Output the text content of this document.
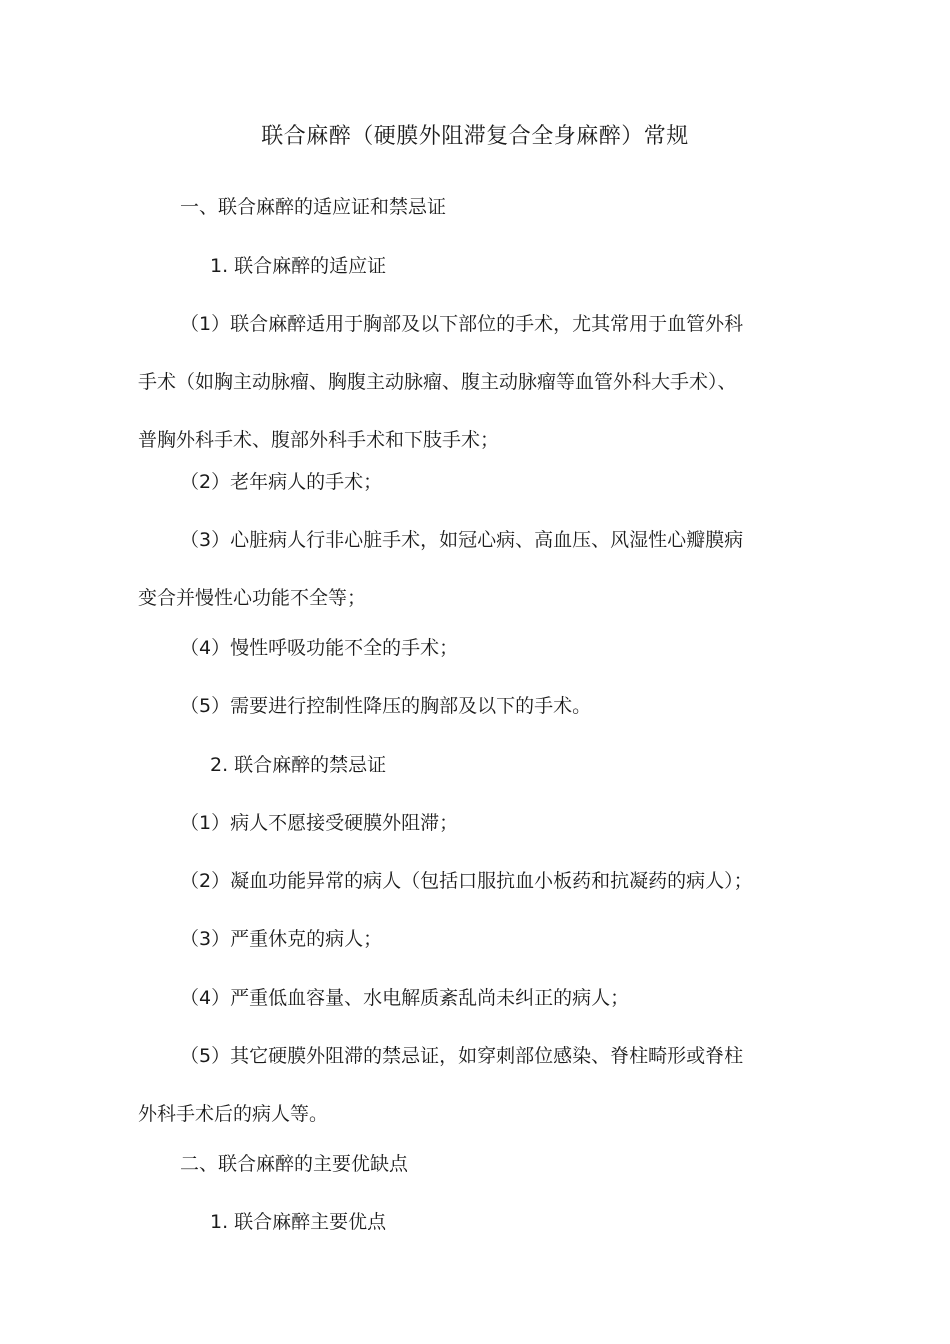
联合麻醉（硬膜外阻滞复合全身麻醉）常规

一、联合麻醉的适应证和禁忌证

1. 联合麻醉的适应证

（1）联合麻醉适用于胸部及以下部位的手术，尤其常用于血管外科
手术（如胸主动脉瘤、胸腹主动脉瘤、腹主动脉瘤等血管外科大手术）、
普胸外科手术、腹部外科手术和下肢手术；

（2）老年病人的手术；

（3）心脏病人行非心脏手术，如冠心病、高血压、风湿性心瓣膜病
变合并慢性心功能不全等；

（4）慢性呼吸功能不全的手术；

（5）需要进行控制性降压的胸部及以下的手术。

2. 联合麻醉的禁忌证

（1）病人不愿接受硬膜外阻滞；

（2）凝血功能异常的病人（包括口服抗血小板药和抗凝药的病人）；

（3）严重休克的病人；

（4）严重低血容量、水电解质紊乱尚未纠正的病人；

（5）其它硬膜外阻滞的禁忌证，如穿刺部位感染、脊柱畸形或脊柱
外科手术后的病人等。

二、联合麻醉的主要优缺点

1. 联合麻醉主要优点
